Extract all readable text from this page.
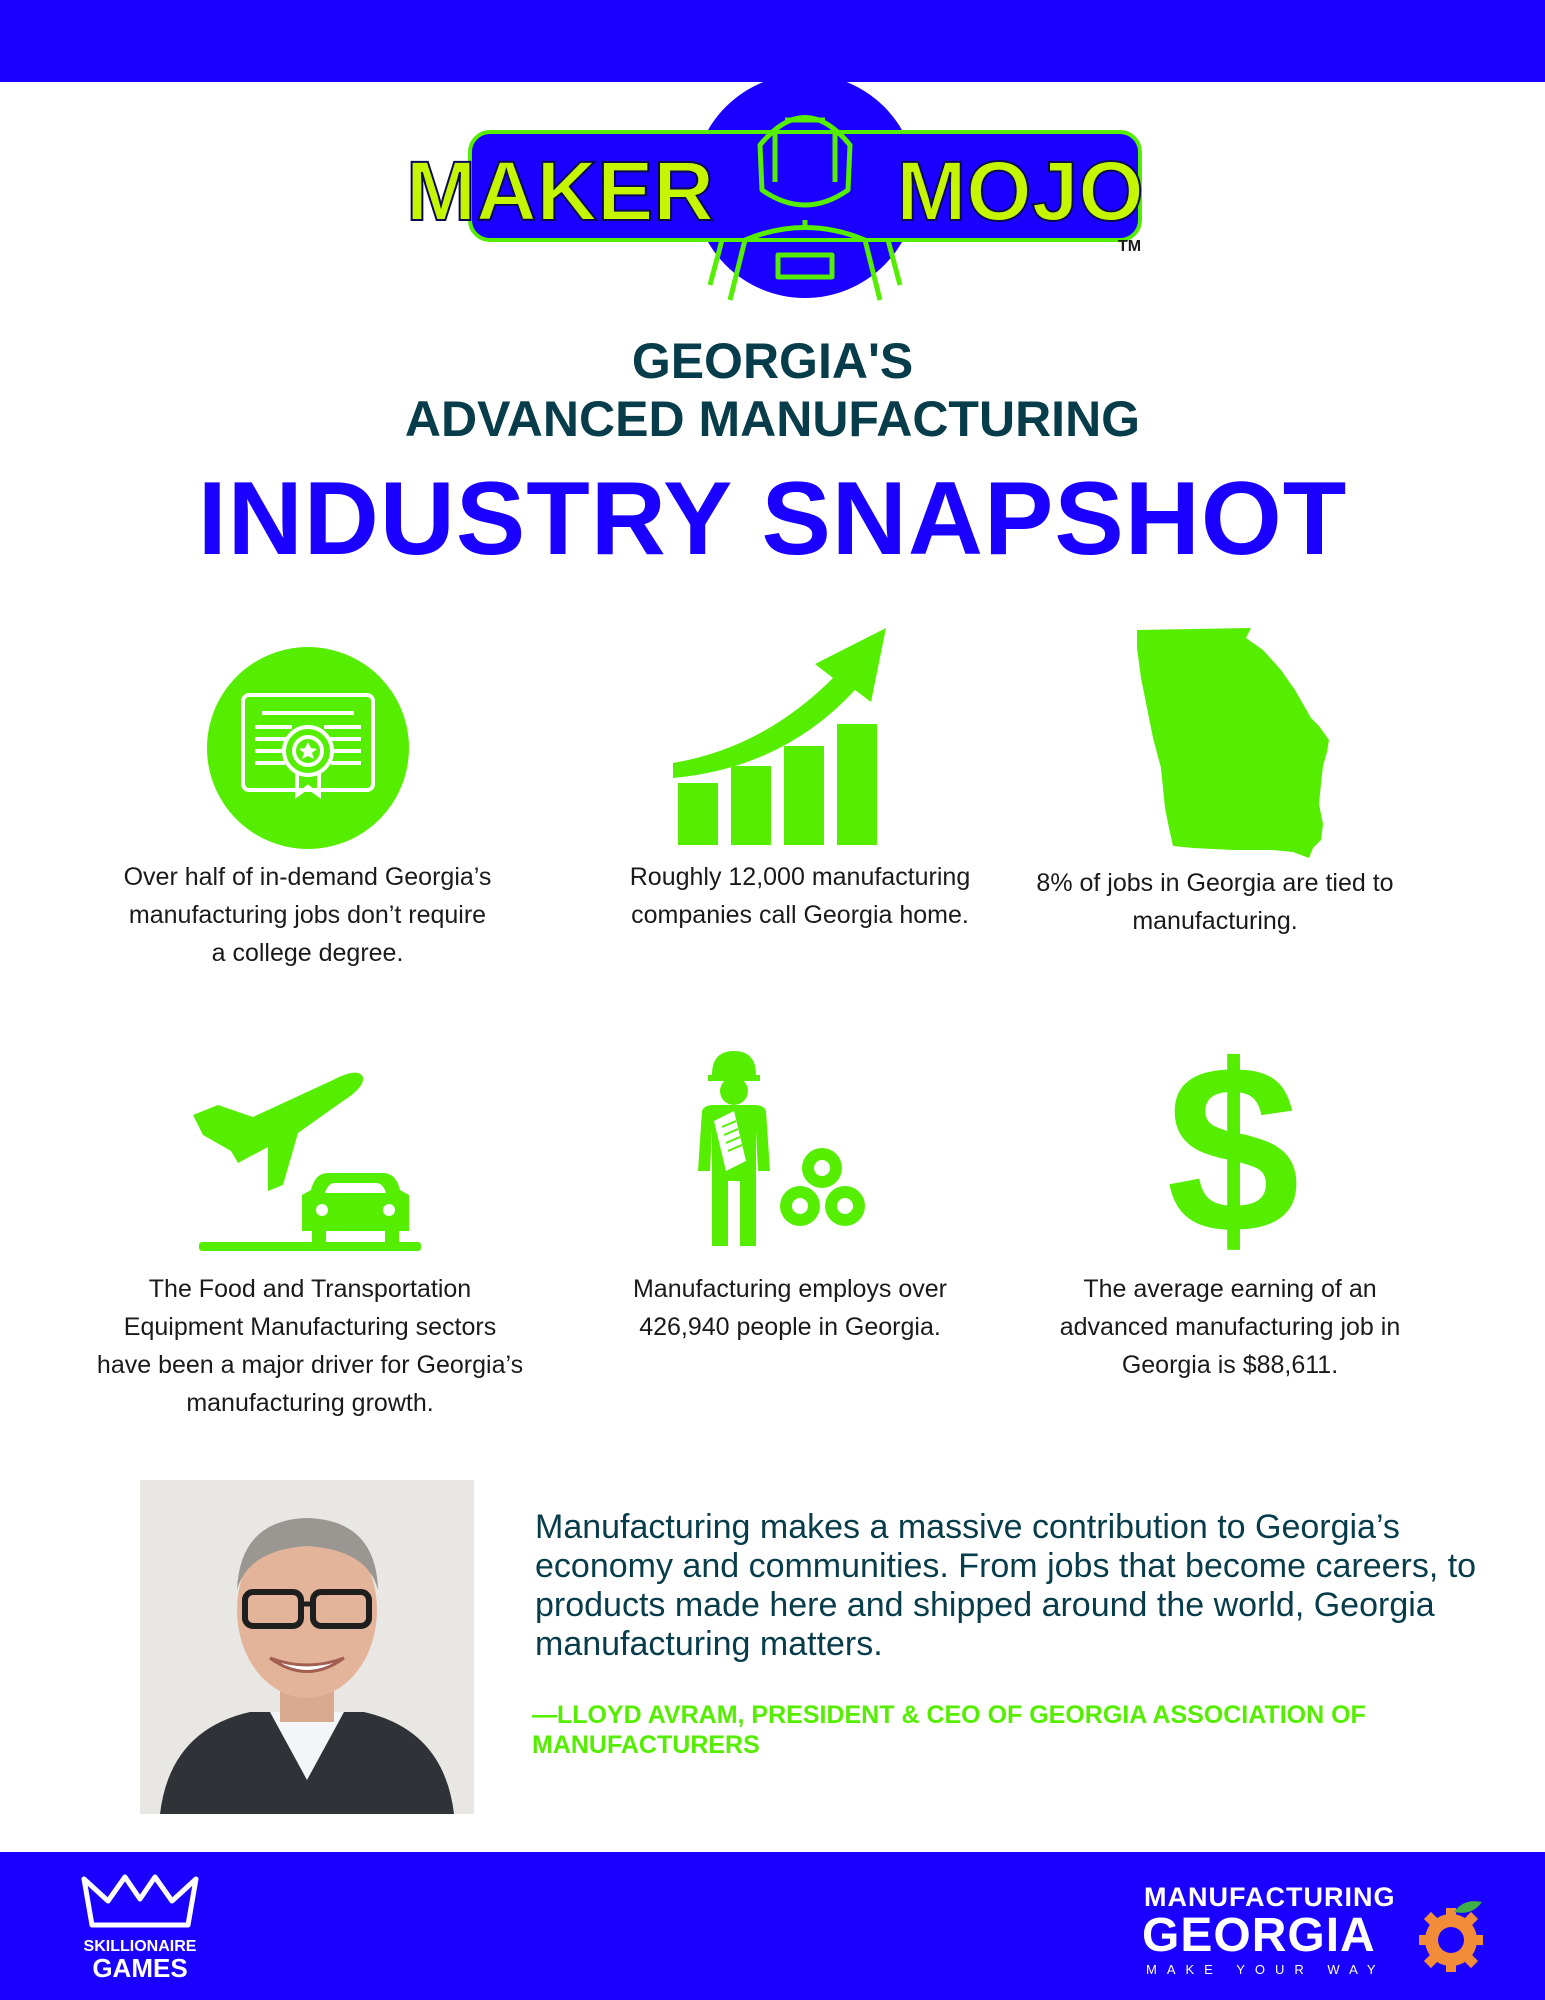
MAKER MOJO
TM
GEORGIA'S
ADVANCED MANUFACTURING
INDUSTRY SNAPSHOT
Over half of in-demand Georgia’s manufacturing jobs don’t require a college degree.
Roughly 12,000 manufacturing companies call Georgia home.
8% of jobs in Georgia are tied to manufacturing.
$
The Food and Transportation Equipment Manufacturing sectors have been a major driver for Georgia’s manufacturing growth.
Manufacturing employs over 426,940 people in Georgia.
The average earning of an advanced manufacturing job in Georgia is $88,611.
Manufacturing makes a massive contribution to Georgia’s economy and communities. From jobs that become careers, to products made here and shipped around the world, Georgia manufacturing matters.
—LLOYD AVRAM, PRESIDENT & CEO OF GEORGIA ASSOCIATION OF MANUFACTURERS
SKILLIONAIRE
GAMES
MANUFACTURING
GEORGIA
MAKE YOUR WAY
